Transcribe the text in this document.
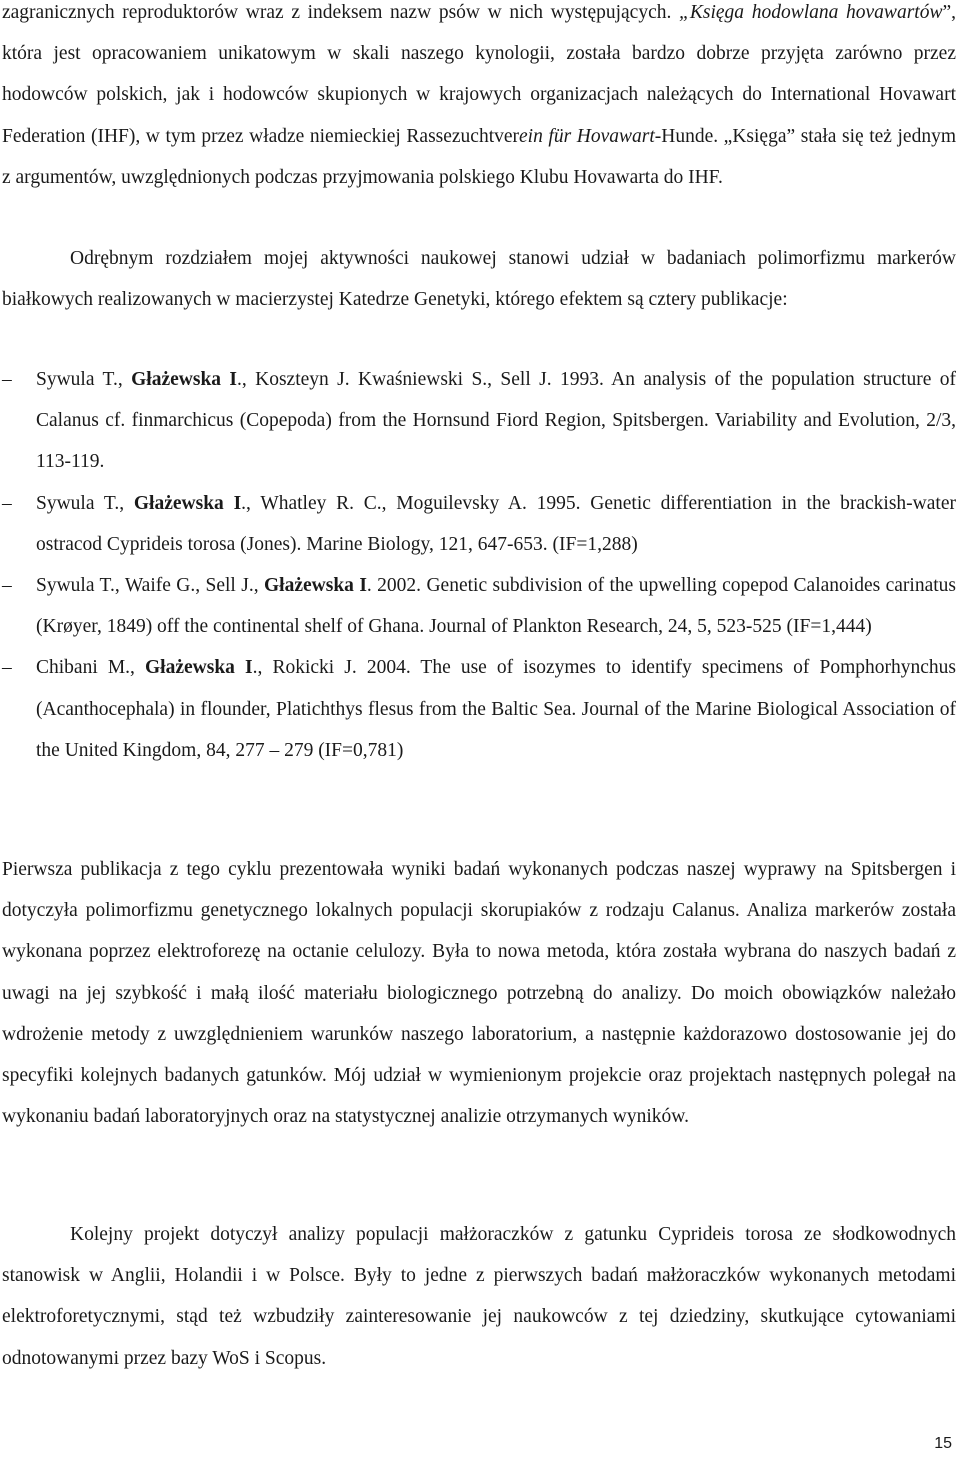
zagranicznych reproduktorów wraz z indeksem nazw psów w nich występujących. „Księga hodowlana hovawartów”, która jest opracowaniem unikatowym w skali naszego kynologii, została bardzo dobrze przyjęta zarówno przez hodowców polskich, jak i hodowców skupionych w krajowych organizacjach należących do International Hovawart Federation (IHF), w tym przez władze niemieckiej Rassezuchtverein für Hovawart-Hunde. „Księga” stała się też jednym z argumentów, uwzględnionych podczas przyjmowania polskiego Klubu Hovawarta do IHF.

Odrębnym rozdziałem mojej aktywności naukowej stanowi udział w badaniach polimorfizmu markerów białkowych realizowanych w macierzystej Katedrze Genetyki, którego efektem są cztery publikacje:

–	Sywula T., Głażewska I., Koszteyn J. Kwaśniewski S., Sell J. 1993. An analysis of the population structure of Calanus cf. finmarchicus (Copepoda) from the Hornsund Fiord Region, Spitsbergen. Variability and Evolution, 2/3, 113-119.
–	Sywula T., Głażewska I., Whatley R. C., Moguilevsky A. 1995. Genetic differentiation in the brackish-water ostracod Cyprideis torosa (Jones). Marine Biology, 121, 647-653. (IF=1,288)
–	Sywula T., Waife G., Sell J., Głażewska I. 2002. Genetic subdivision of the upwelling copepod Calanoides carinatus (Krøyer, 1849) off the continental shelf of Ghana. Journal of Plankton Research, 24, 5, 523-525 (IF=1,444)
–	Chibani M., Głażewska I., Rokicki J. 2004. The use of isozymes to identify specimens of Pomphorhynchus (Acanthocephala) in flounder, Platichthys flesus from the Baltic Sea. Journal of the Marine Biological Association of the United Kingdom, 84, 277 – 279 (IF=0,781)

Pierwsza publikacja z tego cyklu prezentowała wyniki badań wykonanych podczas naszej wyprawy na Spitsbergen i dotyczyła polimorfizmu genetycznego lokalnych populacji skorupiaków z rodzaju Calanus. Analiza markerów została wykonana poprzez elektroforezę na octanie celulozy. Była to nowa metoda, która została wybrana do naszych badań z uwagi na jej szybkość i małą ilość materiału biologicznego potrzebną do analizy. Do moich obowiązków należało wdrożenie metody z uwzględnieniem warunków naszego laboratorium, a następnie każdorazowo dostosowanie jej do specyfiki kolejnych badanych gatunków. Mój udział w wymienionym projekcie oraz projektach następnych polegał na wykonaniu badań laboratoryjnych oraz na statystycznej analizie otrzymanych wyników.

Kolejny projekt dotyczył analizy populacji małżoraczków z gatunku Cyprideis torosa ze słodkowodnych stanowisk w Anglii, Holandii i w Polsce. Były to jedne z pierwszych badań małżoraczków wykonanych metodami elektroforetycznymi, stąd też wzbudziły zainteresowanie jej naukowców z tej dziedziny, skutkujące cytowaniami odnotowanymi przez bazy WoS i Scopus.

15
